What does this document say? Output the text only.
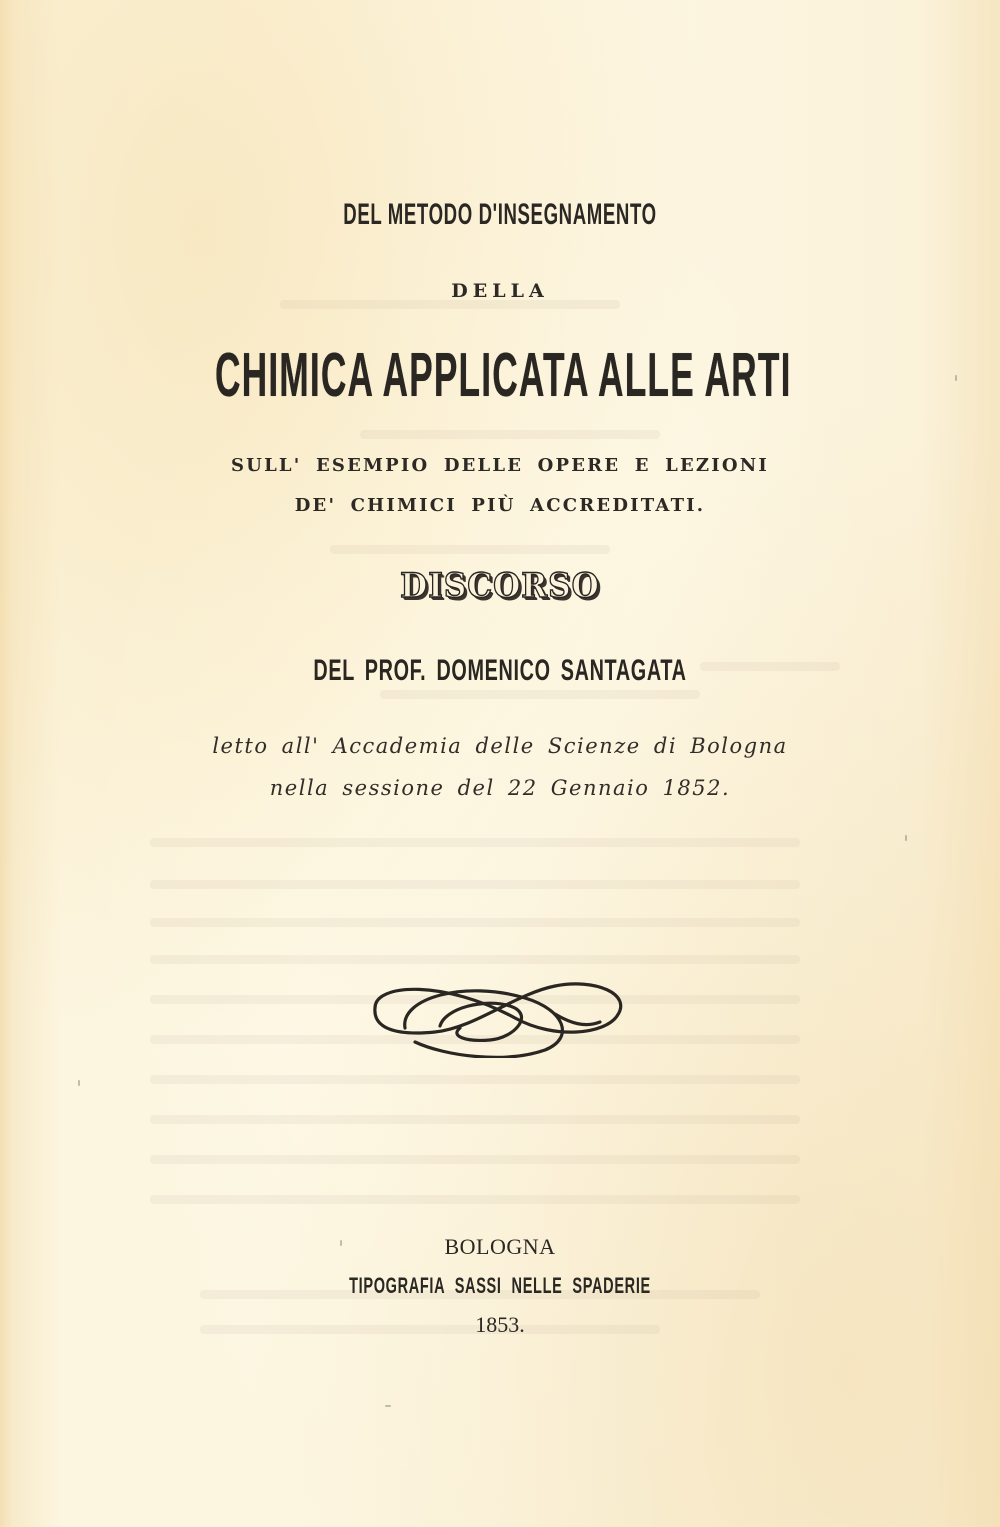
DEL METODO D'INSEGNAMENTO
DELLA
CHIMICA APPLICATA ALLE ARTI
SULL' ESEMPIO DELLE OPERE E LEZIONI
DE' CHIMICI PIÙ ACCREDITATI.
DISCORSO
DEL PROF. DOMENICO SANTAGATA
letto all' Accademia delle Scienze di Bologna
nella sessione del 22 Gennaio 1852.
BOLOGNA
TIPOGRAFIA SASSI NELLE SPADERIE
1853.
